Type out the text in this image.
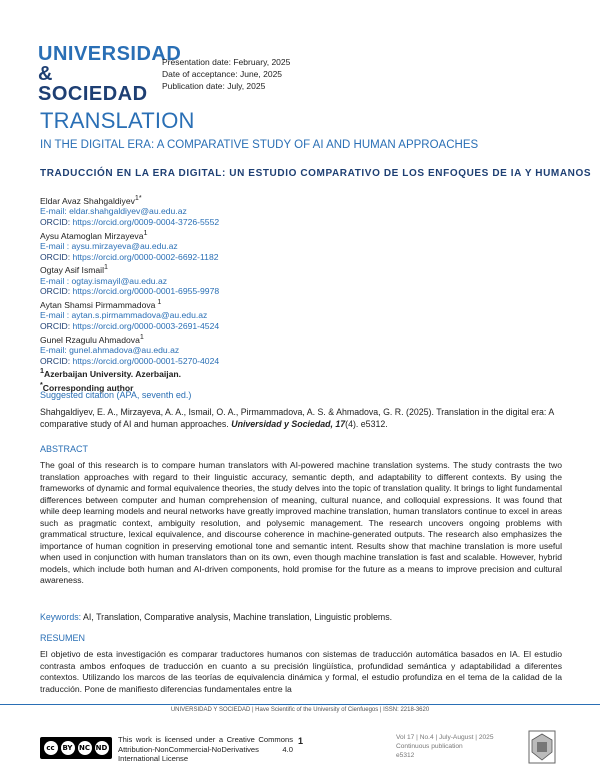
UNIVERSIDAD
& SOCIEDAD
Presentation date: February, 2025
Date of acceptance: June, 2025
Publication date: July, 2025
TRANSLATION
IN THE DIGITAL ERA: A COMPARATIVE STUDY OF AI AND HUMAN APPROACHES
TRADUCCIÓN EN LA ERA DIGITAL: UN ESTUDIO COMPARATIVO DE LOS ENFOQUES DE IA Y HUMANOS
Eldar Avaz Shahgaldiyev$^{1*}$
E-mail: eldar.shahgaldiyev@au.edu.az
ORCID: https://orcid.org/0009-0004-3726-5552
Aysu Atamoglan Mirzayeva$^1$
E-mail : aysu.mirzayeva@au.edu.az
ORCID: https://orcid.org/0000-0002-6692-1182
Ogtay Asif Ismail$^1$
E-mail : ogtay.ismayil@au.edu.az
ORCID: https://orcid.org/0000-0001-6955-9978
Aytan Shamsi Pirmammadova $^1$
E-mail : aytan.s.pirmammadova@au.edu.az
ORCID: https://orcid.org/0000-0003-2691-4524
Gunel Rzagulu Ahmadova$^1$
E-mail: gunel.ahmadova@au.edu.az
ORCID: https://orcid.org/0000-0001-5270-4024
$^1$Azerbaijan University. Azerbaijan.
*Corresponding author
Suggested citation (APA, seventh ed.)
Shahgaldiyev, E. A., Mirzayeva, A. A., Ismail, O. A., Pirmammadova, A. S. & Ahmadova, G. R. (2025). Translation in the digital era: A comparative study of AI and human approaches. Universidad y Sociedad, 17(4). e5312.
ABSTRACT
The goal of this research is to compare human translators with AI-powered machine translation systems. The study contrasts the two translation approaches with regard to their linguistic accuracy, semantic depth, and adaptability to different contexts. By using the frameworks of dynamic and formal equivalence theories, the study delves into the topic of translation quality. It brings to light fundamental differences between computer and human comprehension of meaning, cultural nuance, and colloquial expressions. It was found that while deep learning models and neural networks have greatly improved machine translation, human translators continue to excel in areas such as pragmatic context, ambiguity resolution, and polysemic management. The research uncovers ongoing problems with grammatical structure, lexical equivalence, and discourse coherence in machine-generated outputs. The research also emphasizes the importance of human cognition in preserving emotional tone and semantic intent. Results show that machine translation is more useful when used in conjunction with human translators than on its own, even though machine translation is fast and scalable. However, hybrid models, which include both human and AI-driven components, hold promise for the future as a means to improve precision and cultural awareness.
Keywords: AI, Translation, Comparative analysis, Machine translation, Linguistic problems.
RESUMEN
El objetivo de esta investigación es comparar traductores humanos con sistemas de traducción automática basados en IA. El estudio contrasta ambos enfoques de traducción en cuanto a su precisión lingüística, profundidad semántica y adaptabilidad a diferentes contextos. Utilizando los marcos de las teorías de equivalencia dinámica y formal, el estudio profundiza en el tema de la calidad de la traducción. Pone de manifiesto diferencias fundamentales entre la
UNIVERSIDAD Y SOCIEDAD | Have Scientific of the University of Cienfuegos | ISSN: 2218-3620
cc	BY NC ND
This work is licensed under a Creative Commons Attribution-NonCommercial-NoDerivatives 4.0 International License
1	Vol 17 | No.4 | July-August | 2025
Continuous publication
e5312
